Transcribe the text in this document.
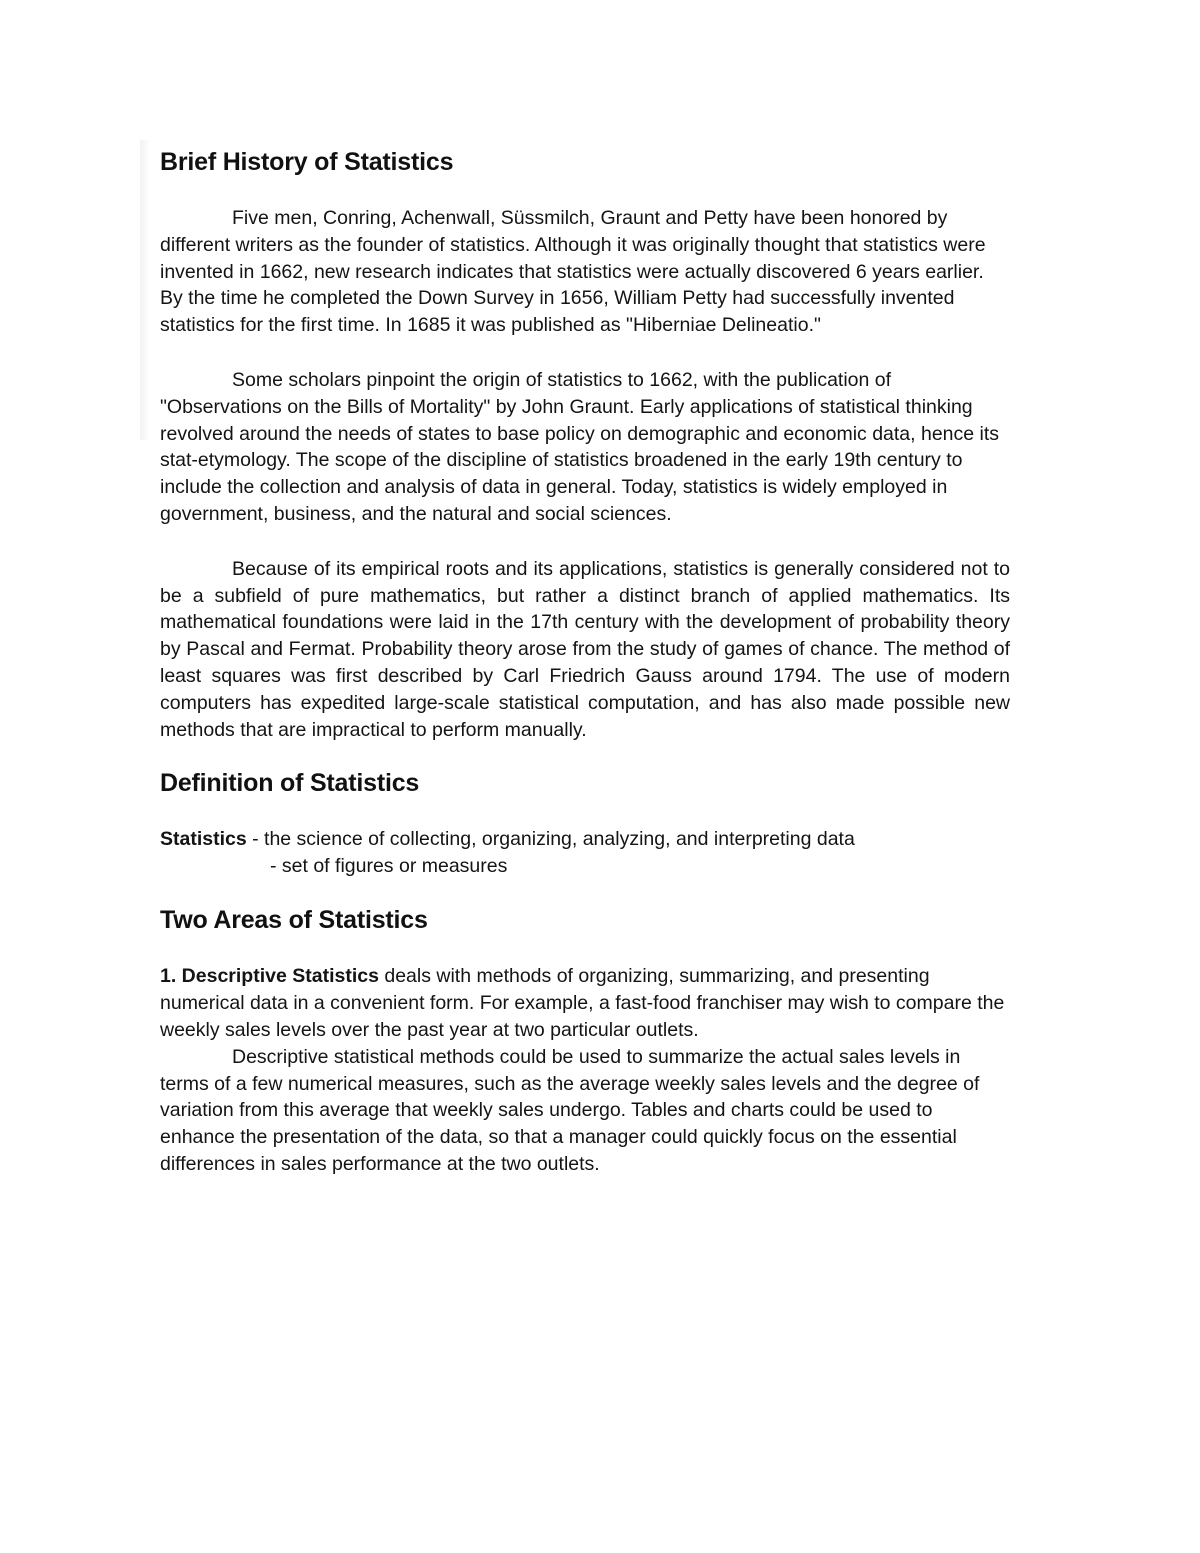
Brief History of Statistics

Five men, Conring, Achenwall, Süssmilch, Graunt and Petty have been honored by different writers as the founder of statistics. Although it was originally thought that statistics were invented in 1662, new research indicates that statistics were actually discovered 6 years earlier. By the time he completed the Down Survey in 1656, William Petty had successfully invented statistics for the first time. In 1685 it was published as "Hiberniae Delineatio."

Some scholars pinpoint the origin of statistics to 1662, with the publication of "Observations on the Bills of Mortality" by John Graunt. Early applications of statistical thinking revolved around the needs of states to base policy on demographic and economic data, hence its stat-etymology. The scope of the discipline of statistics broadened in the early 19th century to include the collection and analysis of data in general. Today, statistics is widely employed in government, business, and the natural and social sciences.

Because of its empirical roots and its applications, statistics is generally considered not to be a subfield of pure mathematics, but rather a distinct branch of applied mathematics. Its mathematical foundations were laid in the 17th century with the development of probability theory by Pascal and Fermat. Probability theory arose from the study of games of chance. The method of least squares was first described by Carl Friedrich Gauss around 1794. The use of modern computers has expedited large-scale statistical computation, and has also made possible new methods that are impractical to perform manually.

Definition of Statistics
Statistics - the science of collecting, organizing, analyzing, and interpreting data
- set of figures or measures
Two Areas of Statistics

1. Descriptive Statistics deals with methods of organizing, summarizing, and presenting numerical data in a convenient form. For example, a fast-food franchiser may wish to compare the weekly sales levels over the past year at two particular outlets.

Descriptive statistical methods could be used to summarize the actual sales levels in terms of a few numerical measures, such as the average weekly sales levels and the degree of variation from this average that weekly sales undergo. Tables and charts could be used to enhance the presentation of the data, so that a manager could quickly focus on the essential differences in sales performance at the two outlets.
